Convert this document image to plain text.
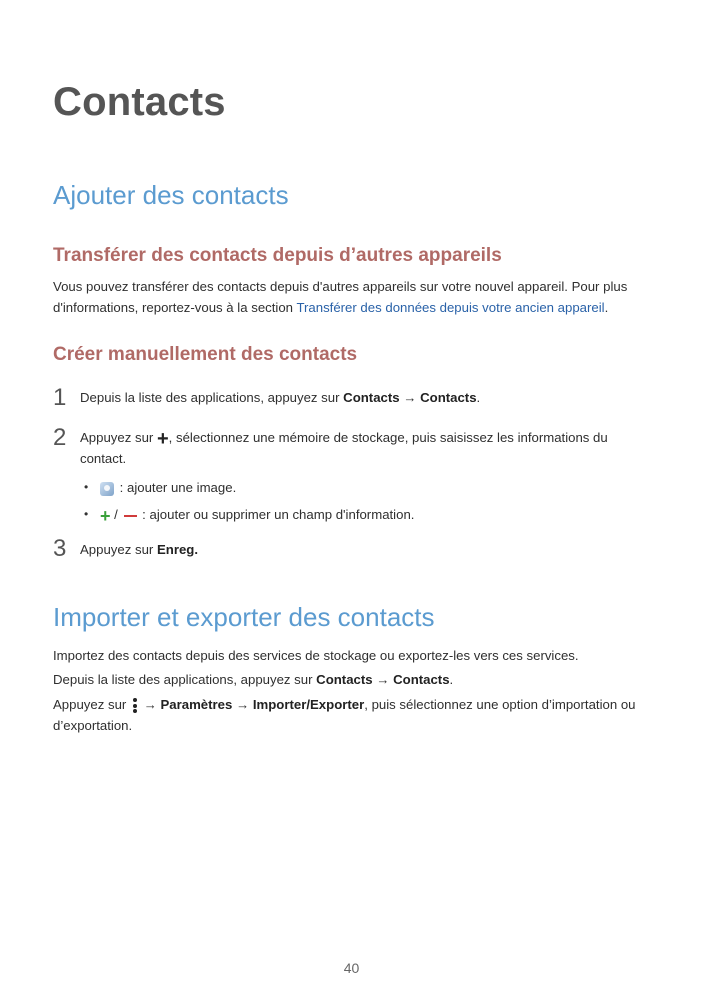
Contacts
Ajouter des contacts
Transférer des contacts depuis d’autres appareils
Vous pouvez transférer des contacts depuis d'autres appareils sur votre nouvel appareil. Pour plus d'informations, reportez-vous à la section Transférer des données depuis votre ancien appareil.
Créer manuellement des contacts
1 Depuis la liste des applications, appuyez sur Contacts → Contacts.
2 Appuyez sur +, sélectionnez une mémoire de stockage, puis saisissez les informations du contact.
•	: ajouter une image.
• + /  : ajouter ou supprimer un champ d'information.
3 Appuyez sur Enreg.
Importer et exporter des contacts
Importez des contacts depuis des services de stockage ou exportez-les vers ces services.
Depuis la liste des applications, appuyez sur Contacts → Contacts.
Appuyez sur
→ Paramètres → Importer/Exporter, puis sélectionnez une option d’importation ou d’exportation.
40
